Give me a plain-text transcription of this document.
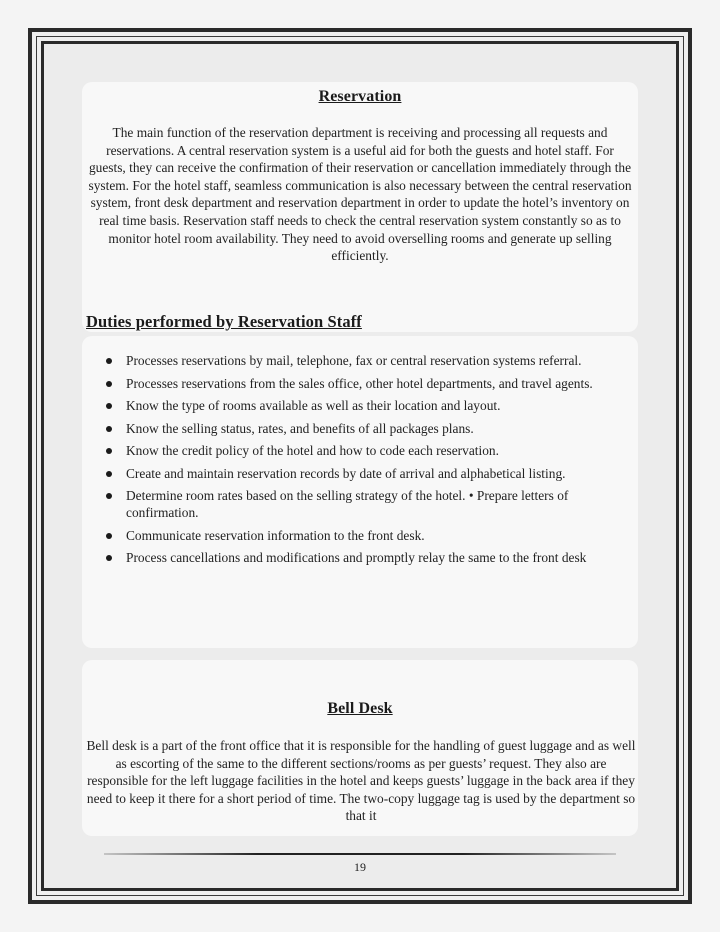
Reservation
The main function of the reservation department is receiving and processing all requests and reservations. A central reservation system is a useful aid for both the guests and hotel staff. For guests, they can receive the confirmation of their reservation or cancellation immediately through the system. For the hotel staff, seamless communication is also necessary between the central reservation system, front desk department and reservation department in order to update the hotel’s inventory on real time basis. Reservation staff needs to check the central reservation system constantly so as to monitor hotel room availability. They need to avoid overselling rooms and generate up selling efficiently.
Duties performed by Reservation Staff
Processes reservations by mail, telephone, fax or central reservation systems referral.
Processes reservations from the sales office, other hotel departments, and travel agents.
Know the type of rooms available as well as their location and layout.
Know the selling status, rates, and benefits of all packages plans.
Know the credit policy of the hotel and how to code each reservation.
Create and maintain reservation records by date of arrival and alphabetical listing.
Determine room rates based on the selling strategy of the hotel. • Prepare letters of confirmation.
Communicate reservation information to the front desk.
Process cancellations and modifications and promptly relay the same to the front desk
Bell Desk
Bell desk is a part of the front office that it is responsible for the handling of guest luggage and as well as escorting of the same to the different sections/rooms as per guests’ request. They also are responsible for the left luggage facilities in the hotel and keeps guests’ luggage in the back area if they need to keep it there for a short period of time. The two-copy luggage tag is used by the department so that it
19
